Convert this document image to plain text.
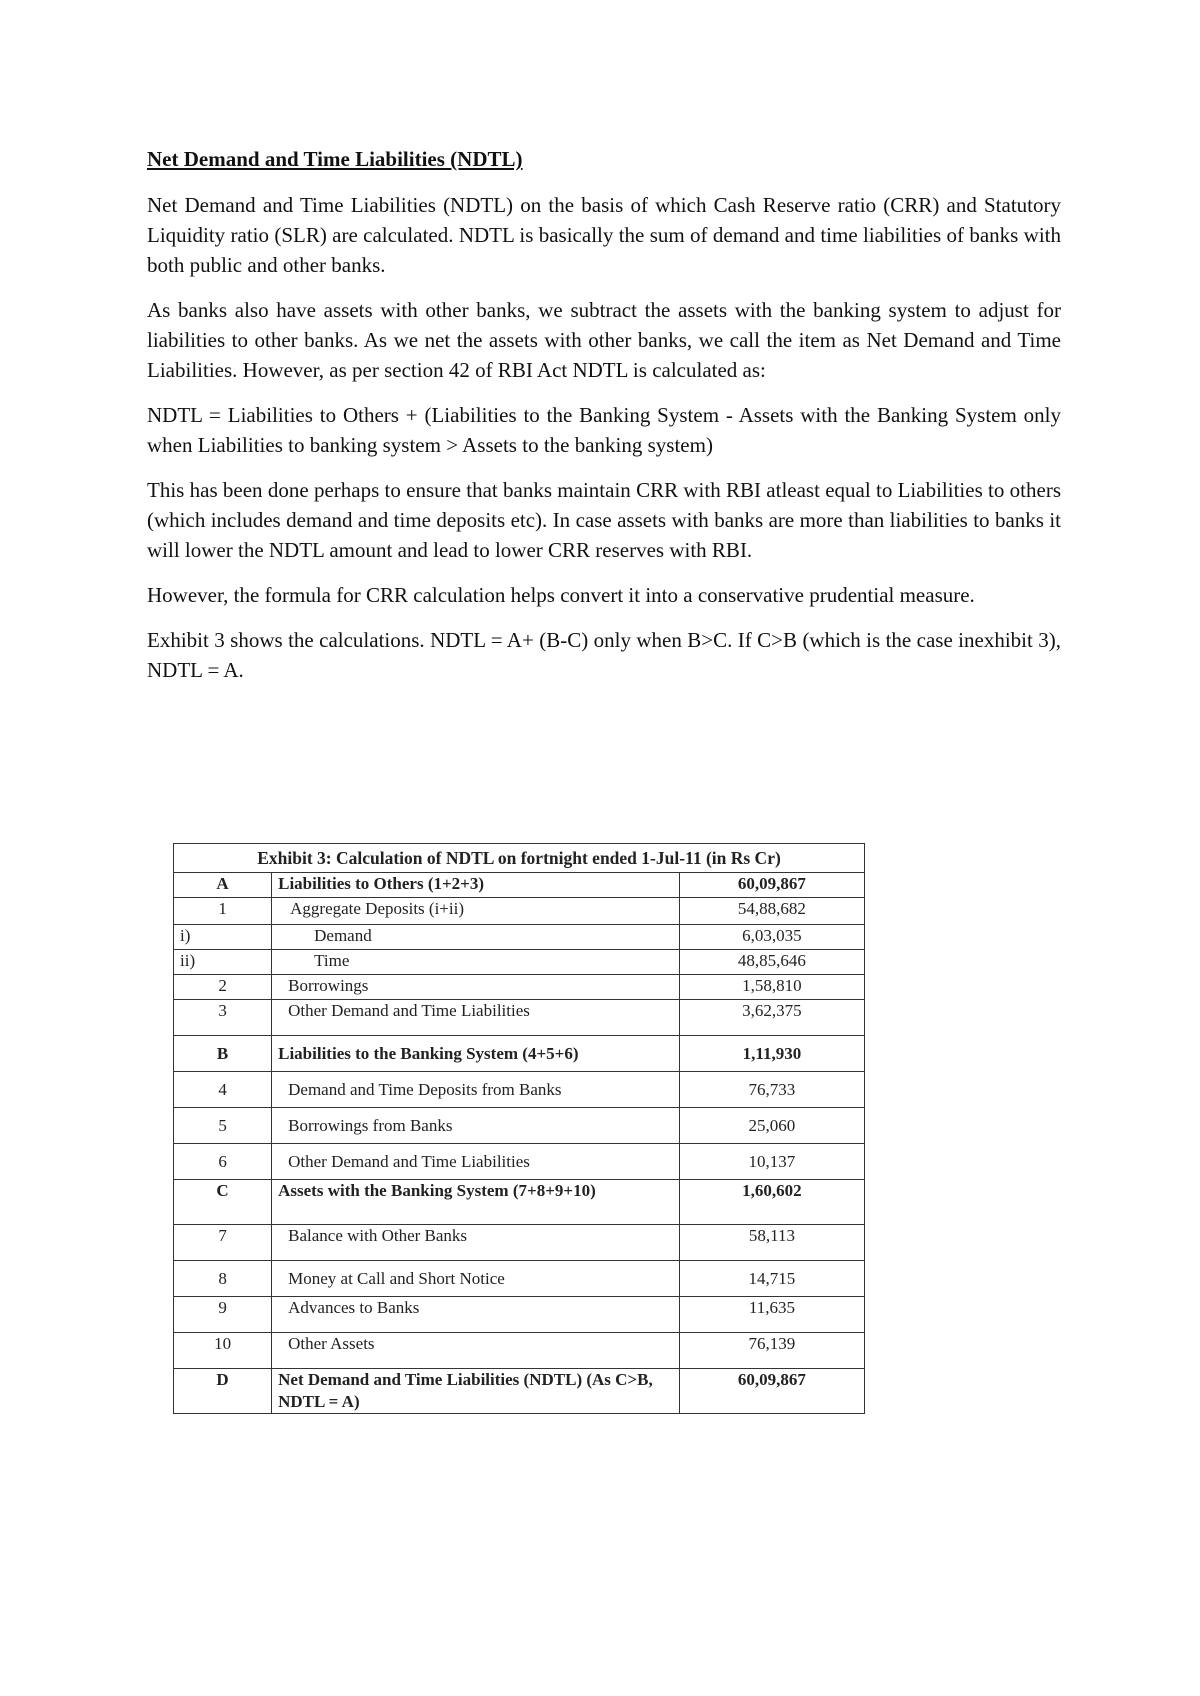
Net Demand and Time Liabilities (NDTL)

Net Demand and Time Liabilities (NDTL) on the basis of which Cash Reserve ratio (CRR) and Statutory Liquidity ratio (SLR) are calculated. NDTL is basically the sum of demand and time liabilities of banks with both public and other banks.

As banks also have assets with other banks, we subtract the assets with the banking system to adjust for liabilities to other banks. As we net the assets with other banks, we call the item as Net Demand and Time Liabilities. However, as per section 42 of RBI Act NDTL is calculated as:

NDTL = Liabilities to Others + (Liabilities to the Banking System - Assets with the Banking System only when Liabilities to banking system > Assets to the banking system)

This has been done perhaps to ensure that banks maintain CRR with RBI atleast equal to Liabilities to others (which includes demand and time deposits etc). In case assets with banks are more than liabilities to banks it will lower the NDTL amount and lead to lower CRR reserves with RBI.

However, the formula for CRR calculation helps convert it into a conservative prudential measure.

Exhibit 3 shows the calculations. NDTL = A+ (B-C) only when B>C. If C>B (which is the case inexhibit 3), NDTL = A.

Exhibit 3: Calculation of NDTL on fortnight ended 1-Jul-11 (in Rs Cr)		
A	Liabilities to Others (1+2+3)	60,09,867
1	Aggregate Deposits (i+ii)	54,88,682
i)	Demand	6,03,035
ii)	Time	48,85,646
2	Borrowings	1,58,810
3	Other Demand and Time Liabilities	3,62,375
B	Liabilities to the Banking System (4+5+6)	1,11,930
4	Demand and Time Deposits from Banks	76,733
5	Borrowings from Banks	25,060
6	Other Demand and Time Liabilities	10,137
C	Assets with the Banking System (7+8+9+10)	1,60,602
7	Balance with Other Banks	58,113
8	Money at Call and Short Notice	14,715
9	Advances to Banks	11,635
10	Other Assets	76,139
D	Net Demand and Time Liabilities (NDTL) (As C>B, NDTL = A)	60,09,867
